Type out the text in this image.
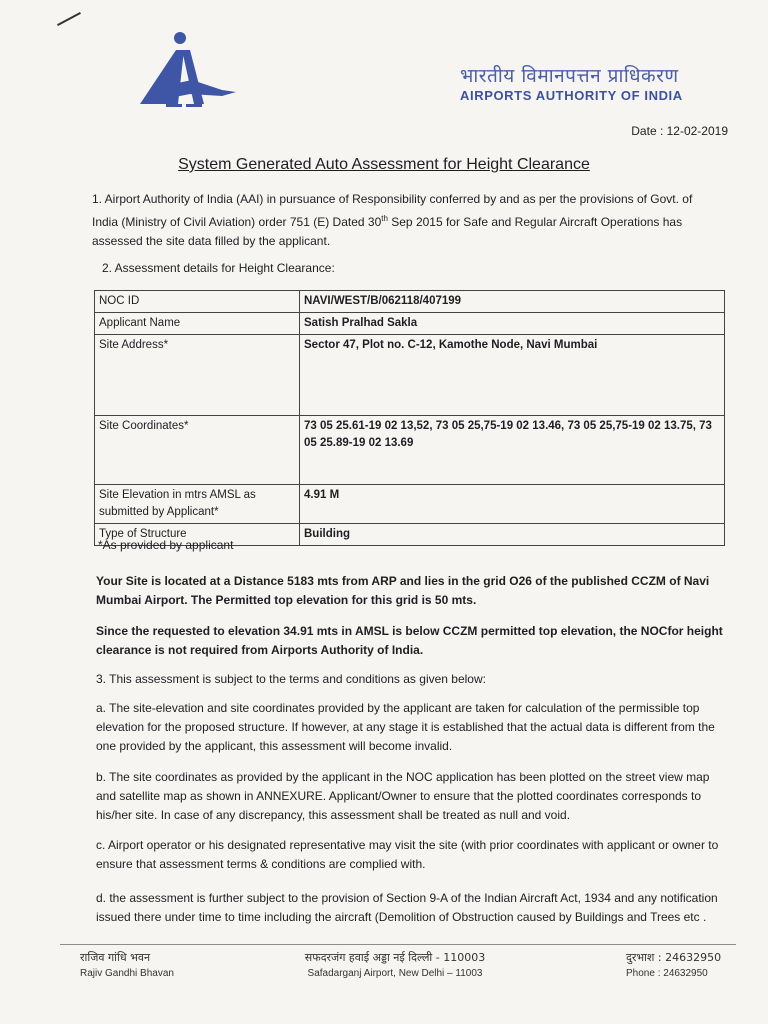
भारतीय विमानपत्तन प्राधिकरण
AIRPORTS AUTHORITY OF INDIA
Date : 12-02-2019
System Generated Auto Assessment for Height Clearance
1. Airport Authority of India (AAI) in pursuance of Responsibility conferred by and as per the provisions of Govt. of India (Ministry of Civil Aviation) order 751 (E) Dated 30th Sep 2015 for Safe and Regular Aircraft Operations has assessed the site data filled by the applicant.
2. Assessment details for Height Clearance:
NOC ID	NAVI/WEST/B/062118/407199
Applicant Name	Satish Pralhad Sakla
Site Address*	Sector 47, Plot no. C-12, Kamothe Node, Navi Mumbai
Site Coordinates*	73 05 25.61-19 02 13,52, 73 05 25,75-19 02 13.46, 73 05 25,75-19 02 13.75, 73 05 25.89-19 02 13.69
Site Elevation in mtrs AMSL as submitted by Applicant*	4.91 M
Type of Structure	Building
*As provided by applicant
Your Site is located at a Distance 5183 mts from ARP and lies in the grid O26 of the published CCZM of Navi Mumbai Airport. The Permitted top elevation for this grid is 50 mts.
Since the requested to elevation 34.91 mts in AMSL is below CCZM permitted top elevation, the NOCfor height clearance is not required from Airports Authority of India.
3. This assessment is subject to the terms and conditions as given below:
a. The site-elevation and site coordinates provided by the applicant are taken for calculation of the permissible top elevation for the proposed structure. If however, at any stage it is established that the actual data is different from the one provided by the applicant, this assessment will become invalid.
b. The site coordinates as provided by the applicant in the NOC application has been plotted on the street view map and satellite map as shown in ANNEXURE. Applicant/Owner to ensure that the plotted coordinates corresponds to his/her site. In case of any discrepancy, this assessment shall be treated as null and void.
c. Airport operator or his designated representative may visit the site (with prior coordinates with applicant or owner to ensure that assessment terms & conditions are complied with.
d. the assessment is further subject to the provision of Section 9-A of the Indian Aircraft Act, 1934 and any notification issued there under time to time including the aircraft (Demolition of Obstruction caused by Buildings and Trees etc .
राजिव गांधि भवन
Rajiv Gandhi Bhavan
सफदरजंग हवाई अड्डा नई दिल्ली - 110003
Safadarganj Airport, New Delhi – 11003
दुरभाश : 24632950
Phone : 24632950
